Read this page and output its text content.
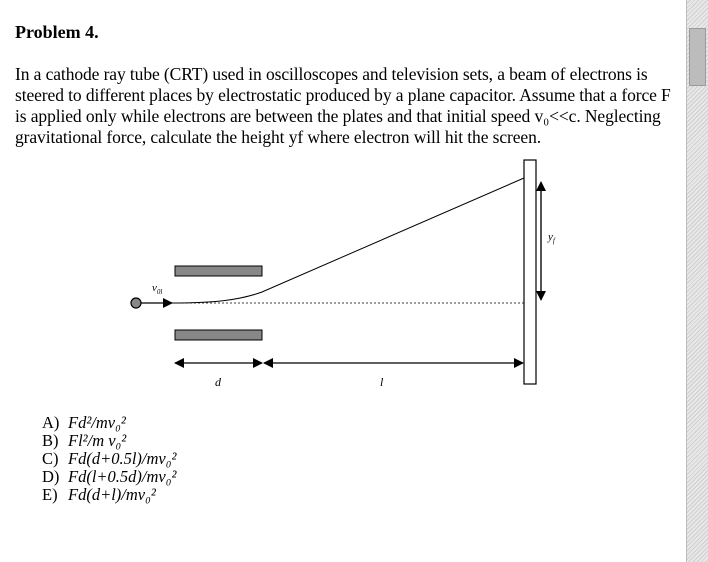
Problem 4.
In a cathode ray tube (CRT) used in oscilloscopes and television sets, a beam of electrons is steered to different places by electrostatic produced by a plane capacitor. Assume that a force F is applied only while electrons are between the plates and that initial speed v₀<<c. Neglecting gravitational force, calculate the height yf where electron will hit the screen.
$v_{0l}$
$y_f$
d	l
A) Fd²/mv₀²
B) Fl²/m v₀²
C) Fd(d+0.5l)/mv₀²
D) Fd(l+0.5d)/mv₀²
E) Fd(d+l)/mv₀²
